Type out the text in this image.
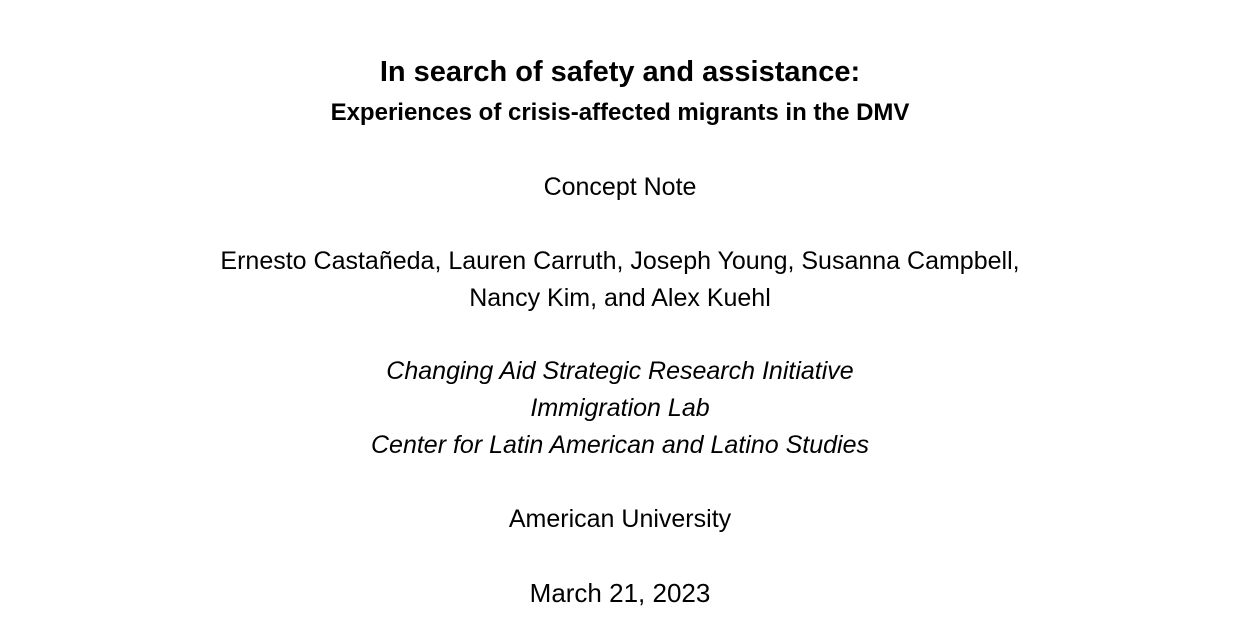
In search of safety and assistance:
Experiences of crisis-affected migrants in the DMV
Concept Note
Ernesto Castañeda, Lauren Carruth, Joseph Young, Susanna Campbell,
Nancy Kim, and Alex Kuehl
Changing Aid Strategic Research Initiative
Immigration Lab
Center for Latin American and Latino Studies
American University
March 21, 2023
